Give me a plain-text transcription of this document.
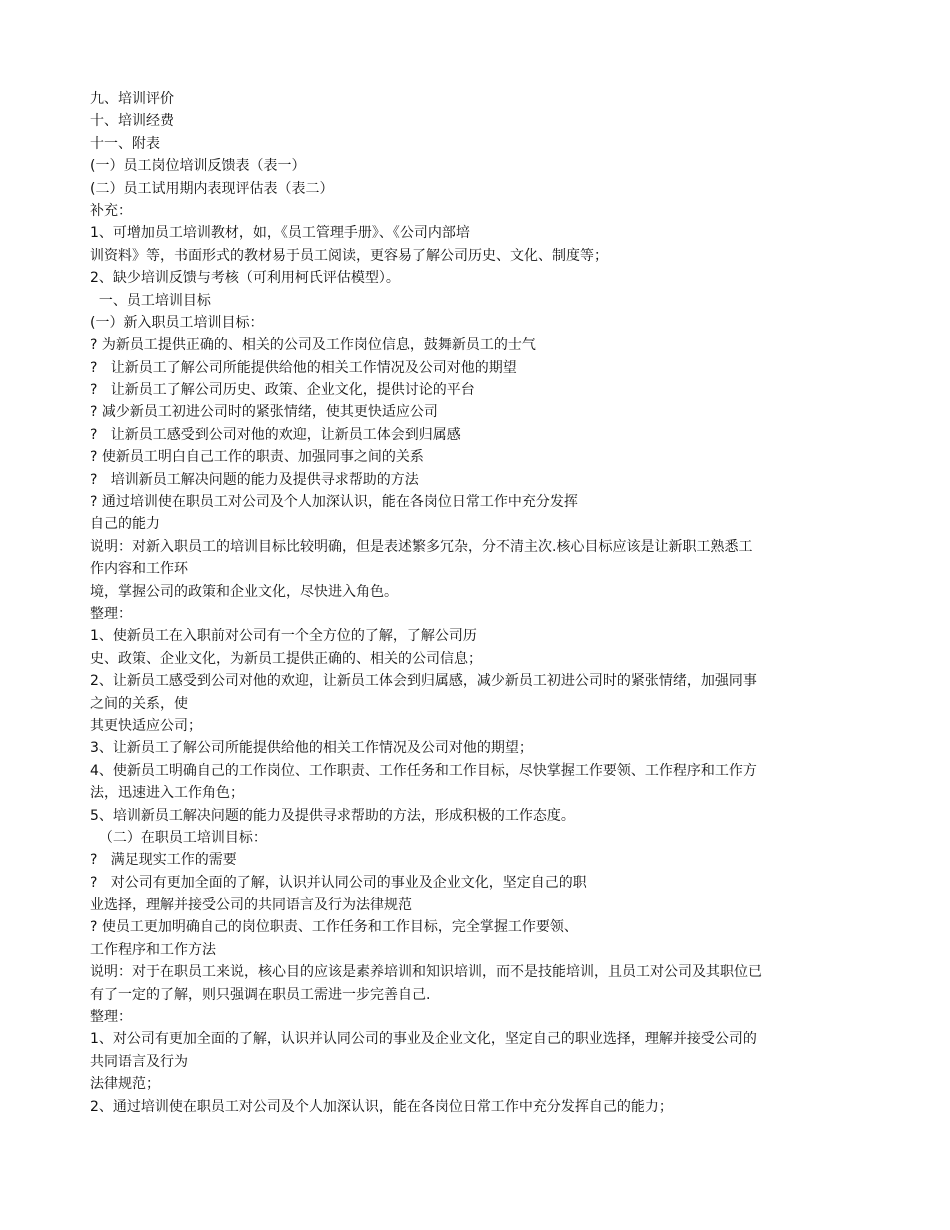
九、培训评价
十、培训经费
十一、附表
(一）员工岗位培训反馈表（表一）
(二）员工试用期内表现评估表（表二）
补充：
1、可增加员工培训教材，如，《员工管理手册》、《公司内部培
训资料》等，书面形式的教材易于员工阅读，更容易了解公司历史、文化、制度等；
2、缺少培训反馈与考核（可利用柯氏评估模型）。
一、员工培训目标
(一）新入职员工培训目标：
? 为新员工提供正确的、相关的公司及工作岗位信息，鼓舞新员工的士气
?   让新员工了解公司所能提供给他的相关工作情况及公司对他的期望
?   让新员工了解公司历史、政策、企业文化，提供讨论的平台
? 减少新员工初进公司时的紧张情绪，使其更快适应公司
?   让新员工感受到公司对他的欢迎，让新员工体会到归属感
? 使新员工明白自己工作的职责、加强同事之间的关系
?   培训新员工解决问题的能力及提供寻求帮助的方法
? 通过培训使在职员工对公司及个人加深认识，能在各岗位日常工作中充分发挥
自己的能力
说明：对新入职员工的培训目标比较明确，但是表述繁多冗杂，分不清主次.核心目标应该是让新职工熟悉工
作内容和工作环
境，掌握公司的政策和企业文化，尽快进入角色。
整理：
1、使新员工在入职前对公司有一个全方位的了解，了解公司历
史、政策、企业文化，为新员工提供正确的、相关的公司信息；
2、让新员工感受到公司对他的欢迎，让新员工体会到归属感，减少新员工初进公司时的紧张情绪，加强同事
之间的关系，使
其更快适应公司；
3、让新员工了解公司所能提供给他的相关工作情况及公司对他的期望；
4、使新员工明确自己的工作岗位、工作职责、工作任务和工作目标，尽快掌握工作要领、工作程序和工作方
法，迅速进入工作角色；
5、培训新员工解决问题的能力及提供寻求帮助的方法，形成积极的工作态度。
（二）在职员工培训目标：
?   满足现实工作的需要
?   对公司有更加全面的了解，认识并认同公司的事业及企业文化，坚定自己的职
业选择，理解并接受公司的共同语言及行为法律规范
? 使员工更加明确自己的岗位职责、工作任务和工作目标，完全掌握工作要领、
工作程序和工作方法
说明：对于在职员工来说，核心目的应该是素养培训和知识培训，而不是技能培训，且员工对公司及其职位已
有了一定的了解，则只强调在职员工需进一步完善自己.
整理：
1、对公司有更加全面的了解，认识并认同公司的事业及企业文化，坚定自己的职业选择，理解并接受公司的
共同语言及行为
法律规范；
2、通过培训使在职员工对公司及个人加深认识，能在各岗位日常工作中充分发挥自己的能力；
